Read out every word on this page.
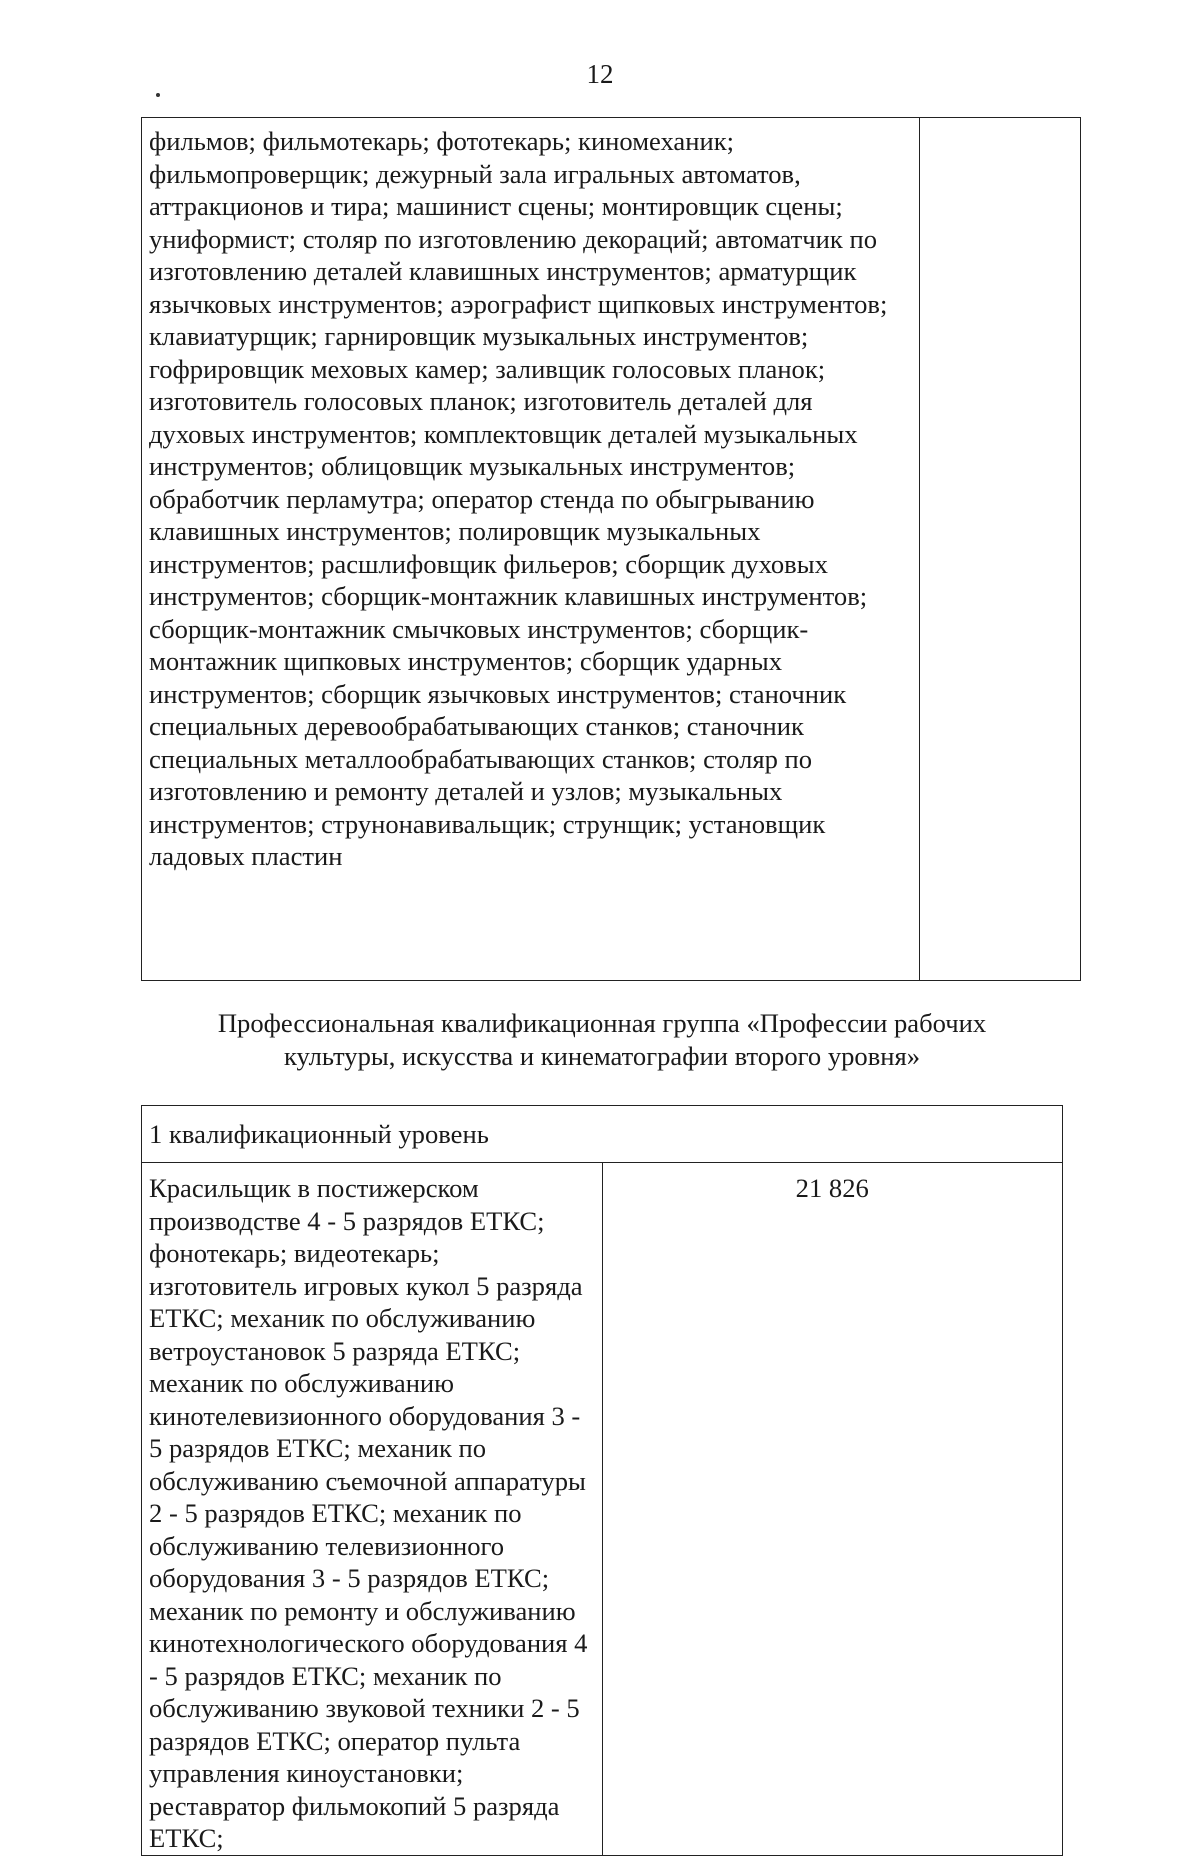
12
фильмов; фильмотекарь; фототекарь; киномеханик; фильмопроверщик; дежурный зала игральных автоматов, аттракционов и тира; машинист сцены; монтировщик сцены; униформист; столяр по изготовлению декораций; автоматчик по изготовлению деталей клавишных инструментов; арматурщик язычковых инструментов; аэрографист щипковых инструментов; клавиатурщик; гарнировщик музыкальных инструментов; гофрировщик меховых камер; заливщик голосовых планок; изготовитель голосовых планок; изготовитель деталей для духовых инструментов; комплектовщик деталей музыкальных инструментов; облицовщик музыкальных инструментов; обработчик перламутра; оператор стенда по обыгрыванию клавишных инструментов; полировщик музыкальных инструментов; расшлифовщик фильеров; сборщик духовых инструментов; сборщик-монтажник клавишных инструментов; сборщик-монтажник смычковых инструментов; сборщик-монтажник щипковых инструментов; сборщик ударных инструментов; сборщик язычковых инструментов; станочник специальных деревообрабатывающих станков; станочник специальных металлообрабатывающих станков; столяр по изготовлению и ремонту деталей и узлов; музыкальных инструментов; струнонавивальщик; струнщик; установщик ладовых пластин	
Профессиональная квалификационная группа «Профессии рабочих
культуры, искусства и кинематографии второго уровня»
1 квалификационный уровень
Красильщик в постижерском производстве 4 - 5 разрядов ЕТКС; фонотекарь; видеотекарь; изготовитель игровых кукол 5 разряда ЕТКС; механик по обслуживанию ветроустановок 5 разряда ЕТКС; механик по обслуживанию кинотелевизионного оборудования 3 - 5 разрядов ЕТКС; механик по обслуживанию съемочной аппаратуры 2 - 5 разрядов ЕТКС; механик по обслуживанию телевизионного оборудования 3 - 5 разрядов ЕТКС; механик по ремонту и обслуживанию кинотехнологического оборудования 4 - 5 разрядов ЕТКС; механик по обслуживанию звуковой техники 2 - 5 разрядов ЕТКС; оператор пульта управления киноустановки; реставратор фильмокопий 5 разряда ЕТКС;	21 826
